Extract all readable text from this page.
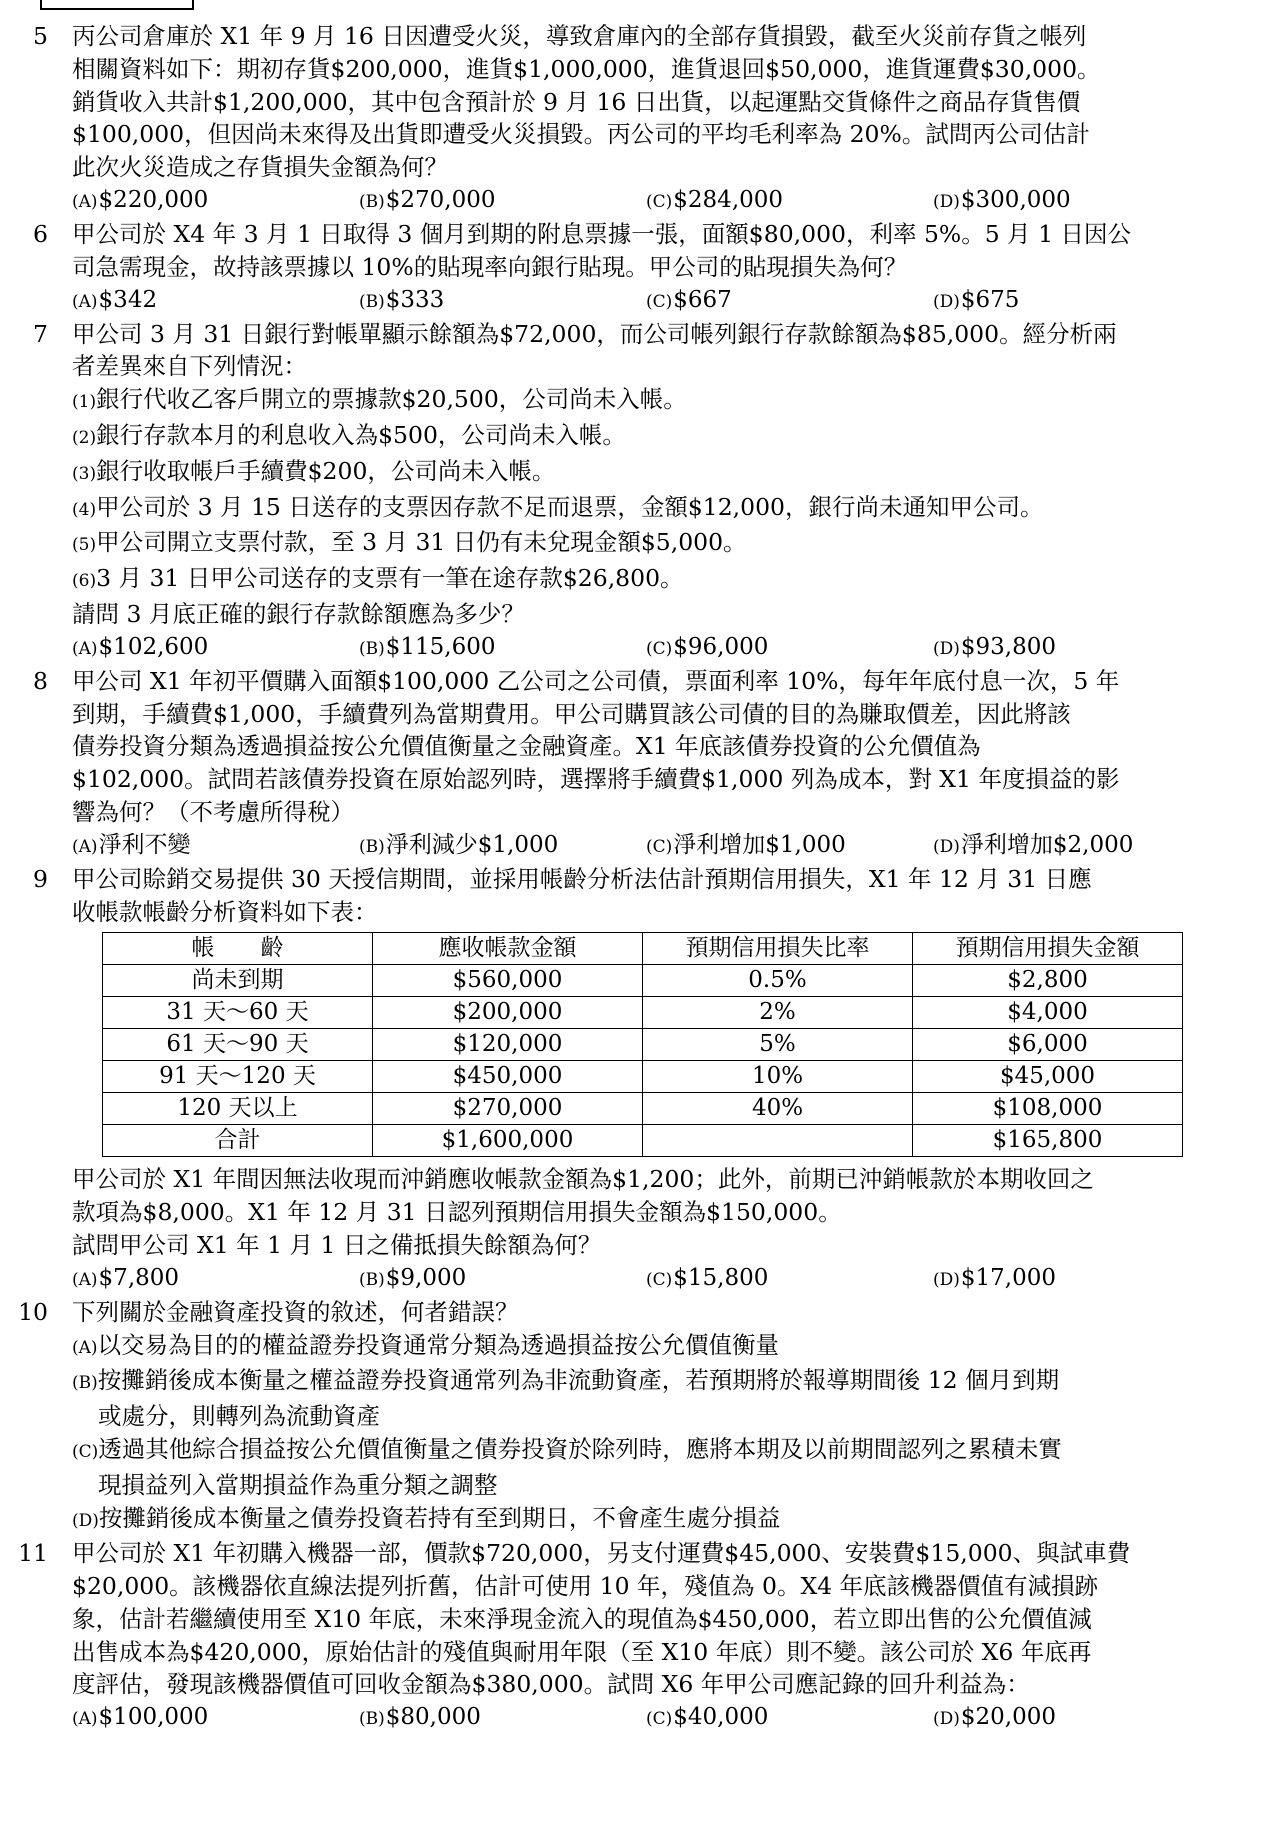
5 丙公司倉庫於 X1 年 9 月 16 日因遭受火災，導致倉庫內的全部存貨損毀，截至火災前存貨之帳列
相關資料如下：期初存貨$200,000，進貨$1,000,000，進貨退回$50,000，進貨運費$30,000。
銷貨收入共計$1,200,000，其中包含預計於 9 月 16 日出貨，以起運點交貨條件之商品存貨售價
$100,000，但因尚未來得及出貨即遭受火災損毀。丙公司的平均毛利率為 20%。試問丙公司估計
此次火災造成之存貨損失金額為何？
(A)$220,000	(B)$270,000	(C)$284,000	(D)$300,000
6 甲公司於 X4 年 3 月 1 日取得 3 個月到期的附息票據一張，面額$80,000，利率 5%。5 月 1 日因公
司急需現金，故持該票據以 10%的貼現率向銀行貼現。甲公司的貼現損失為何？
(A)$342	(B)$333	(C)$667	(D)$675
7 甲公司 3 月 31 日銀行對帳單顯示餘額為$72,000，而公司帳列銀行存款餘額為$85,000。經分析兩
者差異來自下列情況：
(1)銀行代收乙客戶開立的票據款$20,500，公司尚未入帳。
(2)銀行存款本月的利息收入為$500，公司尚未入帳。
(3)銀行收取帳戶手續費$200，公司尚未入帳。
(4)甲公司於 3 月 15 日送存的支票因存款不足而退票，金額$12,000，銀行尚未通知甲公司。
(5)甲公司開立支票付款，至 3 月 31 日仍有未兌現金額$5,000。
(6)3 月 31 日甲公司送存的支票有一筆在途存款$26,800。
請問 3 月底正確的銀行存款餘額應為多少？
(A)$102,600	(B)$115,600	(C)$96,000	(D)$93,800
8 甲公司 X1 年初平價購入面額$100,000 乙公司之公司債，票面利率 10%，每年年底付息一次，5 年
到期，手續費$1,000，手續費列為當期費用。甲公司購買該公司債的目的為賺取價差，因此將該
債券投資分類為透過損益按公允價值衡量之金融資產。X1 年底該債券投資的公允價值為
$102,000。試問若該債券投資在原始認列時，選擇將手續費$1,000 列為成本，對 X1 年度損益的影
響為何？（不考慮所得稅）
(A)淨利不變	(B)淨利減少$1,000	(C)淨利增加$1,000	(D)淨利增加$2,000
9 甲公司賒銷交易提供 30 天授信期間，並採用帳齡分析法估計預期信用損失，X1 年 12 月 31 日應
收帳款帳齡分析資料如下表：
帳　　齡	應收帳款金額	預期信用損失比率	預期信用損失金額
尚未到期	$560,000	0.5%	$2,800
31 天～60 天	$200,000	2%	$4,000
61 天～90 天	$120,000	5%	$6,000
91 天～120 天	$450,000	10%	$45,000
120 天以上	$270,000	40%	$108,000
合計	$1,600,000		$165,800
甲公司於 X1 年間因無法收現而沖銷應收帳款金額為$1,200；此外，前期已沖銷帳款於本期收回之
款項為$8,000。X1 年 12 月 31 日認列預期信用損失金額為$150,000。
試問甲公司 X1 年 1 月 1 日之備抵損失餘額為何？
(A)$7,800	(B)$9,000	(C)$15,800	(D)$17,000
10 下列關於金融資產投資的敘述，何者錯誤？
(A)以交易為目的的權益證券投資通常分類為透過損益按公允價值衡量
(B)按攤銷後成本衡量之權益證券投資通常列為非流動資產，若預期將於報導期間後 12 個月到期
或處分，則轉列為流動資產
(C)透過其他綜合損益按公允價值衡量之債券投資於除列時，應將本期及以前期間認列之累積未實
現損益列入當期損益作為重分類之調整
(D)按攤銷後成本衡量之債券投資若持有至到期日，不會產生處分損益
11 甲公司於 X1 年初購入機器一部，價款$720,000，另支付運費$45,000、安裝費$15,000、與試車費
$20,000。該機器依直線法提列折舊，估計可使用 10 年，殘值為 0。X4 年底該機器價值有減損跡
象，估計若繼續使用至 X10 年底，未來淨現金流入的現值為$450,000，若立即出售的公允價值減
出售成本為$420,000，原始估計的殘值與耐用年限（至 X10 年底）則不變。該公司於 X6 年底再
度評估，發現該機器價值可回收金額為$380,000。試問 X6 年甲公司應記錄的回升利益為：
(A)$100,000	(B)$80,000	(C)$40,000	(D)$20,000
